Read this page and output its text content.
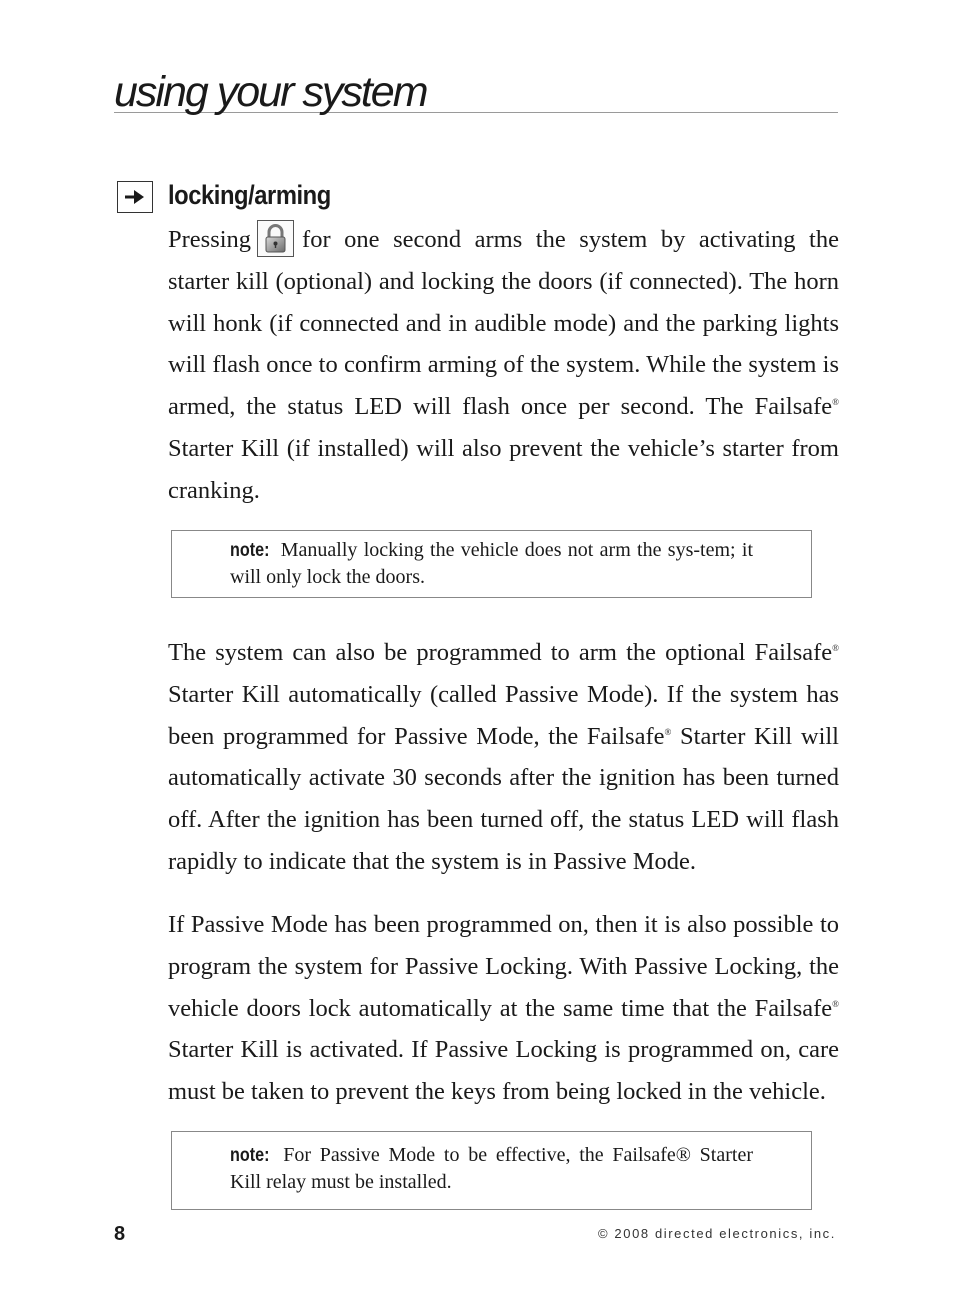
using your system
locking/arming

Pressing for one second arms the system by activating the starter kill (optional) and locking the doors (if connected). The horn will honk (if connected and in audible mode) and the parking lights will flash once to confirm arming of the system. While the system is armed, the status LED will flash once per second. The Failsafe® Starter Kill (if installed) will also prevent the vehicle’s starter from cranking.

note: Manually locking the vehicle does not arm the sys-tem; it will only lock the doors.

The system can also be programmed to arm the optional Failsafe® Starter Kill automatically (called Passive Mode). If the system has been programmed for Passive Mode, the Failsafe® Starter Kill will automatically activate 30 seconds after the ignition has been turned off. After the ignition has been turned off, the status LED will flash rapidly to indicate that the system is in Passive Mode.

If Passive Mode has been programmed on, then it is also possible to program the system for Passive Locking. With Passive Locking, the vehicle doors lock automatically at the same time that the Failsafe® Starter Kill is activated. If Passive Locking is programmed on, care must be taken to prevent the keys from being locked in the vehicle.

note: For Passive Mode to be effective, the Failsafe® Starter Kill relay must be installed.

8	© 2008 directed electronics, inc.
